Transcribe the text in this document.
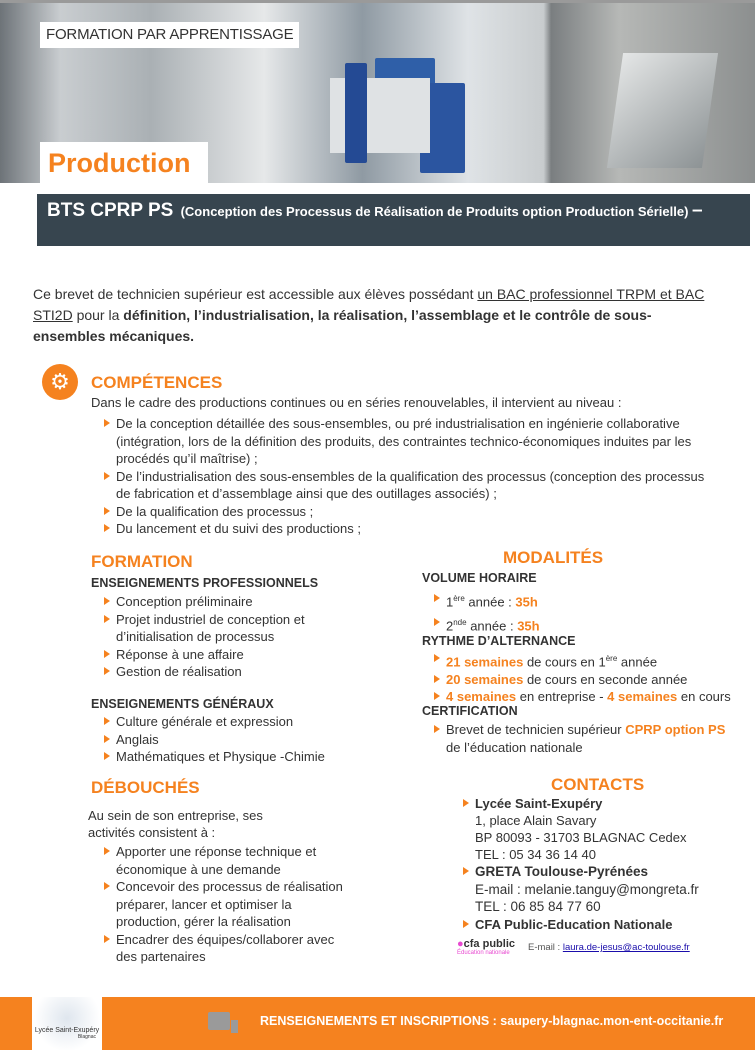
FORMATION PAR APPRENTISSAGE
Production
BTS CPRP PS (Conception des Processus de Réalisation de Produits option Production Sérielle) –
Ce brevet de technicien supérieur est accessible aux élèves possédant un BAC professionnel TRPM et BAC STI2D pour la définition, l’industrialisation, la réalisation, l’assemblage et le contrôle de sous-ensembles mécaniques.
⚙	COMPÉTENCES
Dans le cadre des productions continues ou en séries renouvelables, il intervient au niveau :
De la conception détaillée des sous-ensembles, ou pré industrialisation en ingénierie collaborative (intégration, lors de la définition des produits, des contraintes technico-économiques induites par les procédés qu’il maîtrise) ;
De l’industrialisation des sous-ensembles de la qualification des processus (conception des processus de fabrication et d’assemblage ainsi que des outillages associés) ;
De la qualification des processus ;
Du lancement et du suivi des productions ;
FORMATION
ENSEIGNEMENTS PROFESSIONNELS
Conception préliminaire
Projet industriel de conception et d’initialisation de processus
Réponse à une affaire
Gestion de réalisation
ENSEIGNEMENTS GÉNÉRAUX
Culture générale et expression
Anglais
Mathématiques et Physique -Chimie
MODALITÉS
VOLUME HORAIRE
1ère année : 35h
2nde année : 35h
RYTHME D’ALTERNANCE
21 semaines de cours en 1ère année
20 semaines de cours en seconde année
4 semaines en entreprise - 4 semaines en cours
CERTIFICATION
Brevet de technicien supérieur CPRP option PS
de l’éducation nationale
DÉBOUCHÉS
Au sein de son entreprise, ses activités consistent à :
Apporter une réponse technique et économique à une demande
Concevoir des processus de réalisation préparer, lancer et optimiser la production, gérer la réalisation
Encadrer des équipes/collaborer avec des partenaires
CONTACTS
Lycée Saint-Exupéry
1, place Alain Savary
BP 80093 - 31703 BLAGNAC Cedex
TEL : 05 34 36 14 40
GRETA Toulouse-Pyrénées
E-mail : melanie.tanguy@mongreta.fr
TEL : 06 85 84 77 60
CFA Public-Education Nationale
●cfa public
Éducation nationale	E-mail : laura.de-jesus@ac-toulouse.fr
Lycée Saint-Exupéry
Blagnac
RENSEIGNEMENTS ET INSCRIPTIONS : saupery-blagnac.mon-ent-occitanie.fr
